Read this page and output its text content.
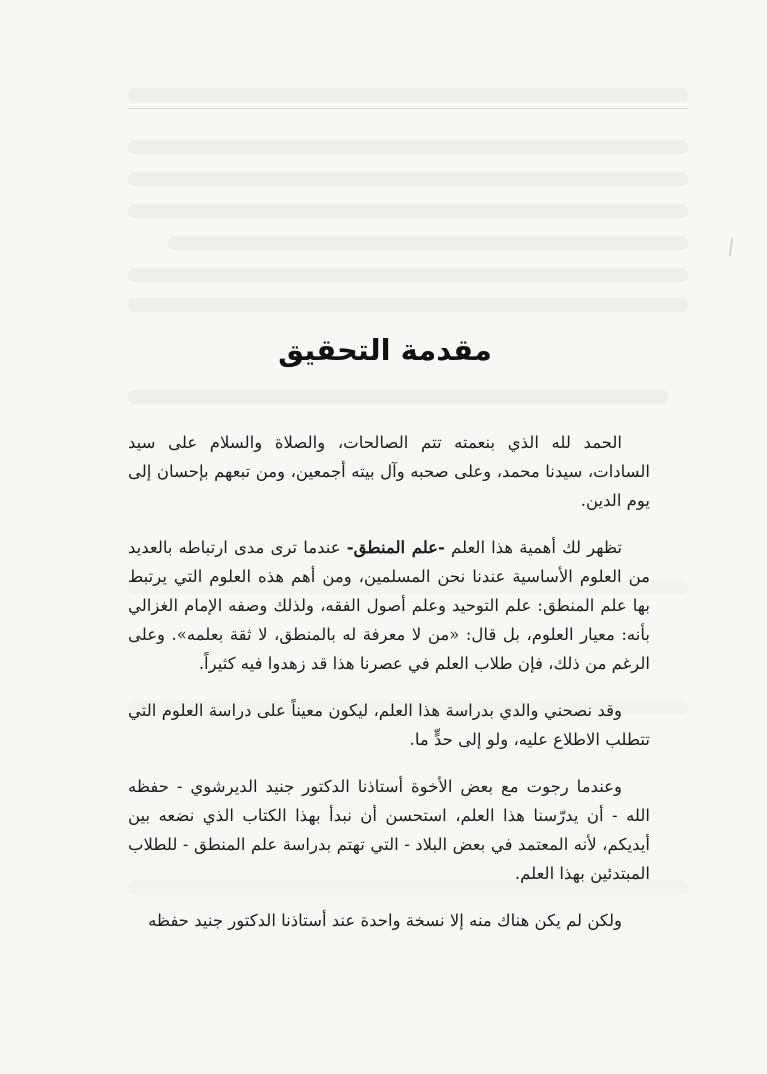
مقدمة التحقيق

الحمد لله الذي بنعمته تتم الصالحات، والصلاة والسلام على سيد السادات، سيدنا محمد، وعلى صحبه وآل بيته أجمعين، ومن تبعهم بإحسان إلى يوم الدين.

تظهر لك أهمية هذا العلم -علم المنطق- عندما ترى مدى ارتباطه بالعديد من العلوم الأساسية عندنا نحن المسلمين، ومن أهم هذه العلوم التي يرتبط بها علم المنطق: علم التوحيد وعلم أصول الفقه، ولذلك وصفه الإمام الغزالي بأنه: معيار العلوم، بل قال: «من لا معرفة له بالمنطق، لا ثقة بعلمه». وعلى الرغم من ذلك، فإن طلاب العلم في عصرنا هذا قد زهدوا فيه كثيراً.

وقد نصحني والدي بدراسة هذا العلم، ليكون معيناً على دراسة العلوم التي تتطلب الاطلاع عليه، ولو إلى حدٍّ ما.

وعندما رجوت مع بعض الأخوة أستاذنا الدكتور جنيد الديرشوي - حفظه الله - أن يدرّسنا هذا العلم، استحسن أن نبدأ بهذا الكتاب الذي نضعه بين أيديكم، لأنه المعتمد في بعض البلاد - التي تهتم بدراسة علم المنطق - للطلاب المبتدئين بهذا العلم.

ولكن لم يكن هناك منه إلا نسخة واحدة عند أستاذنا الدكتور جنيد حفظه
